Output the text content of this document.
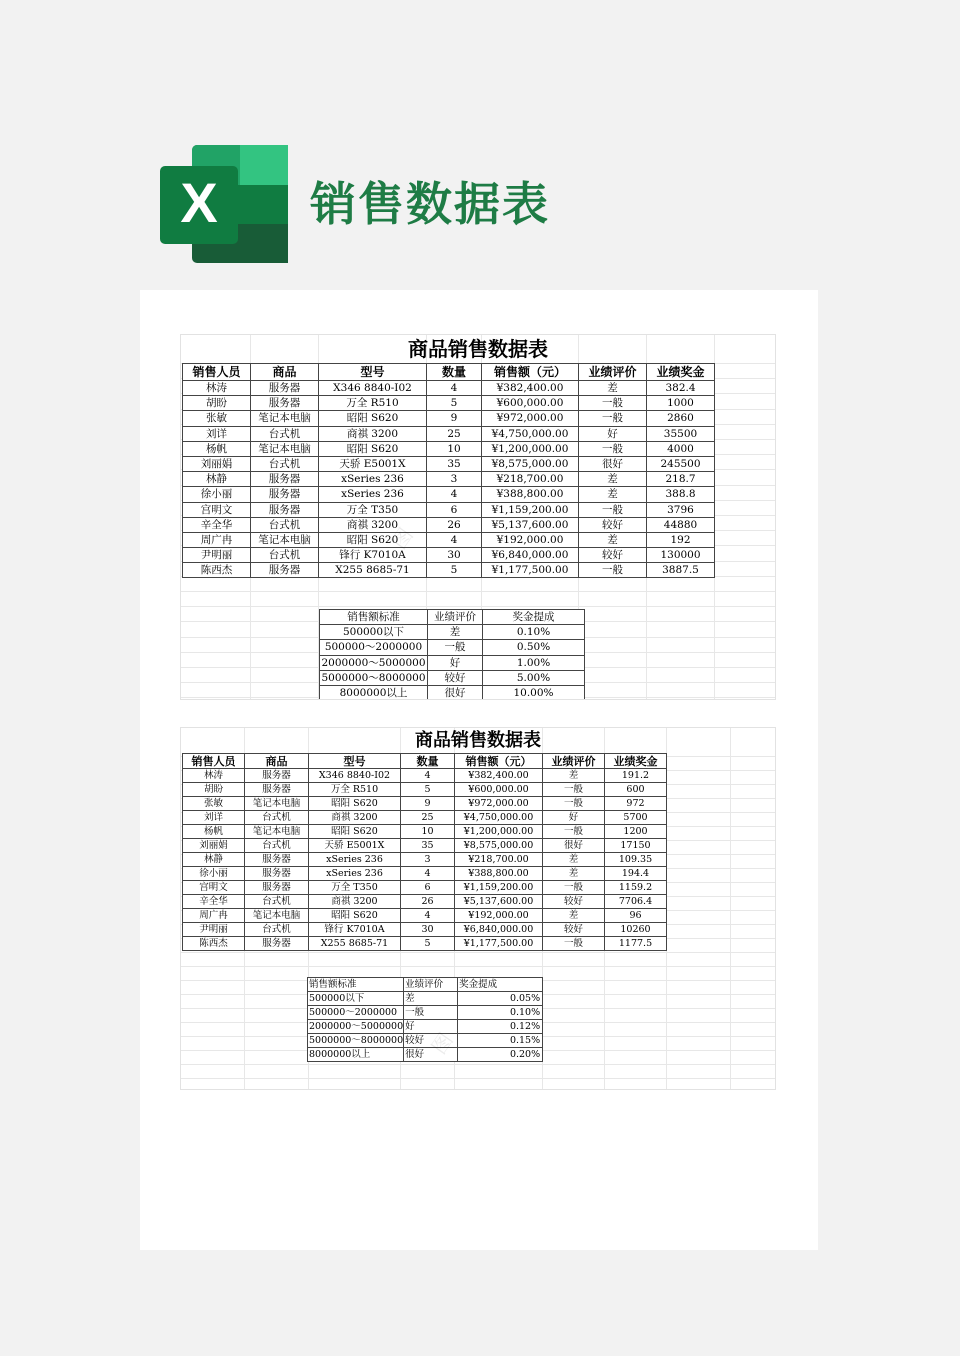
X 销售数据表
商品销售数据表
销售人员	商品	型号	数量	销售额（元）	业绩评价	业绩奖金
林涛	服务器	X346 8840-I02	4	¥382,400.00	差	382.4
胡盼	服务器	万全 R510	5	¥600,000.00	一般	1000
张敏	笔记本电脑	昭阳 S620	9	¥972,000.00	一般	2860
刘详	台式机	商祺 3200	25	¥4,750,000.00	好	35500
杨帆	笔记本电脑	昭阳 S620	10	¥1,200,000.00	一般	4000
刘丽娟	台式机	天骄 E5001X	35	¥8,575,000.00	很好	245500
林静	服务器	xSeries 236	3	¥218,700.00	差	218.7
徐小丽	服务器	xSeries 236	4	¥388,800.00	差	388.8
宫明文	服务器	万全 T350	6	¥1,159,200.00	一般	3796
辛全华	台式机	商祺 3200	26	¥5,137,600.00	较好	44880
周广冉	笔记本电脑	昭阳 S620	4	¥192,000.00	差	192
尹明丽	台式机	锋行 K7010A	30	¥6,840,000.00	较好	130000
陈西杰	服务器	X255 8685-71	5	¥1,177,500.00	一般	3887.5
销售额标准	业绩评价	奖金提成
500000以下	差	0.10%
500000～2000000	一般	0.50%
2000000～5000000	好	1.00%
5000000～8000000	较好	5.00%
8000000以上	很好	10.00%
商品销售数据表
销售人员	商品	型号	数量	销售额（元）	业绩评价	业绩奖金
林涛	服务器	X346 8840-I02	4	¥382,400.00	差	191.2
胡盼	服务器	万全 R510	5	¥600,000.00	一般	600
张敏	笔记本电脑	昭阳 S620	9	¥972,000.00	一般	972
刘详	台式机	商祺 3200	25	¥4,750,000.00	好	5700
杨帆	笔记本电脑	昭阳 S620	10	¥1,200,000.00	一般	1200
刘丽娟	台式机	天骄 E5001X	35	¥8,575,000.00	很好	17150
林静	服务器	xSeries 236	3	¥218,700.00	差	109.35
徐小丽	服务器	xSeries 236	4	¥388,800.00	差	194.4
宫明文	服务器	万全 T350	6	¥1,159,200.00	一般	1159.2
辛全华	台式机	商祺 3200	26	¥5,137,600.00	较好	7706.4
周广冉	笔记本电脑	昭阳 S620	4	¥192,000.00	差	96
尹明丽	台式机	锋行 K7010A	30	¥6,840,000.00	较好	10260
陈西杰	服务器	X255 8685-71	5	¥1,177,500.00	一般	1177.5
销售额标准	业绩评价	奖金提成
500000以下	差	0.05%
500000～2000000	一般	0.10%
2000000～5000000	好	0.12%
5000000～8000000	较好	0.15%
8000000以上	很好	0.20%
